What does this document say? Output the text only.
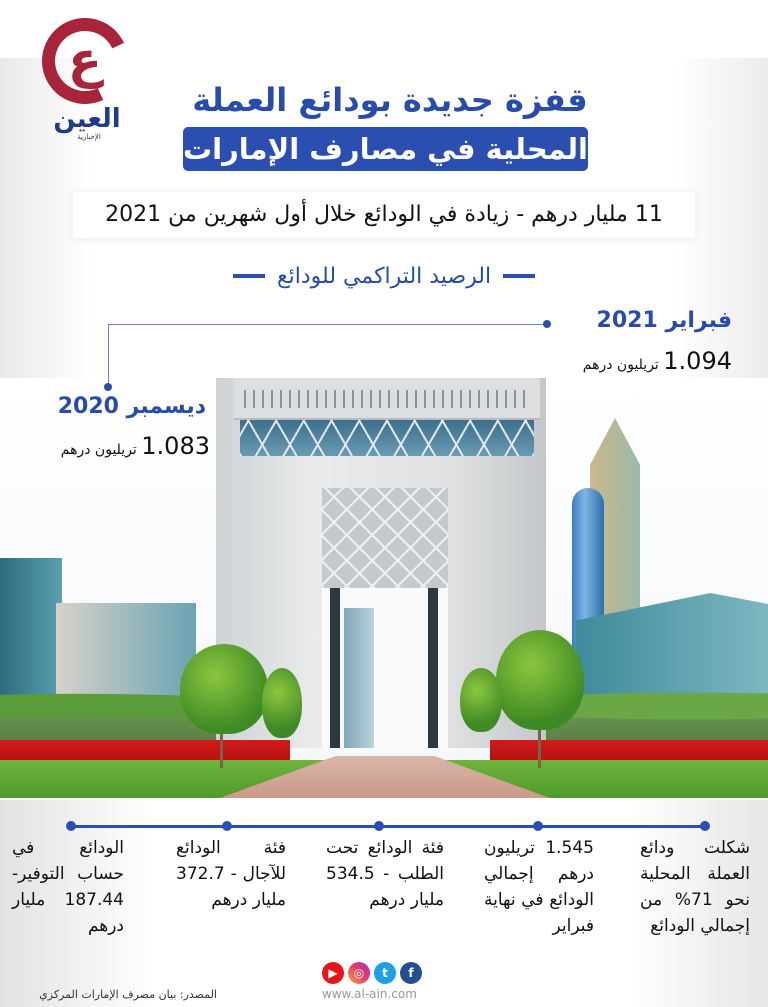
ع
العين
الإخبارية
قفزة جديدة بودائع العملة
المحلية في مصارف الإمارات
11 مليار درهم - زيادة في الودائع خلال أول شهرين من 2021
الرصيد التراكمي للودائع
فبراير 2021
1.094 تريليون درهم
ديسمبر 2020
1.083 تريليون درهم
شكلت ودائع العملة المحلية نحو 71% من إجمالي الودائع
1.545 تريليون درهم إجمالي الودائع في نهاية فبراير
فئة الودائع تحت الطلب - 534.5 مليار درهم
فئة الودائع للآجال - 372.7 مليار درهم
الودائع في حساب التوفير- 187.44 مليار درهم
▶	◎	t	f
www.al-ain.com
المصدر: بيان مصرف الإمارات المركزي
